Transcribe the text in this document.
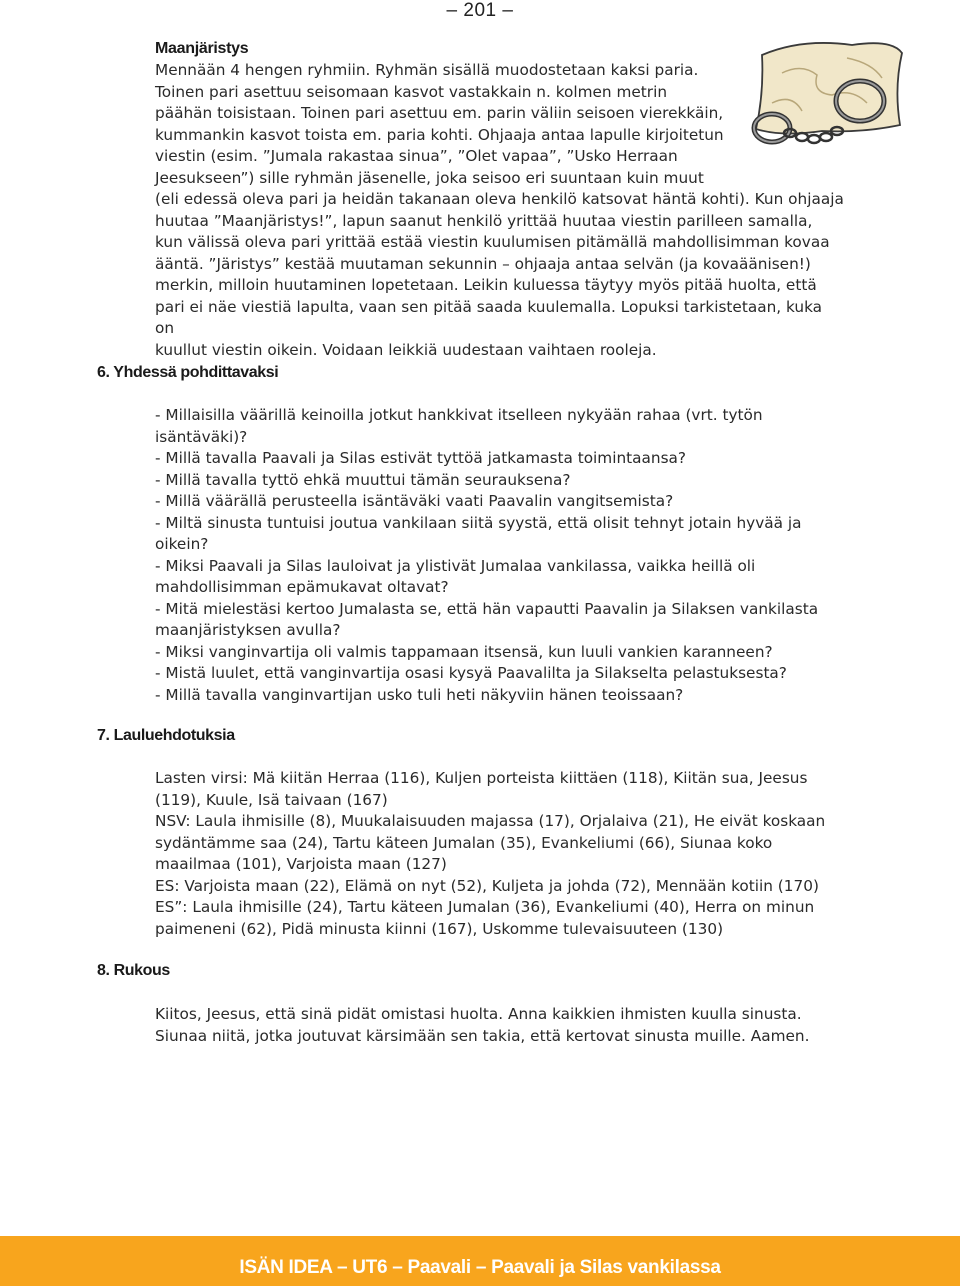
– 201 –

Maanjäristys

Mennään 4 hengen ryhmiin. Ryhmän sisällä muodostetaan kaksi paria.
Toinen pari asettuu seisomaan kasvot vastakkain n. kolmen metrin
päähän toisistaan. Toinen pari asettuu em. parin väliin seisoen vierekkäin,
kummankin kasvot toista em. paria kohti. Ohjaaja antaa lapulle kirjoitetun
viestin (esim. ”Jumala rakastaa sinua”, ”Olet vapaa”, ”Usko Herraan

Jeesukseen”) sille ryhmän jäsenelle, joka seisoo eri suuntaan kuin muut
(eli edessä oleva pari ja heidän takanaan oleva henkilö katsovat häntä kohti). Kun ohjaaja
huutaa ”Maanjäristys!”, lapun saanut henkilö yrittää huutaa viestin parilleen samalla,
kun välissä oleva pari yrittää estää viestin kuulumisen pitämällä mahdollisimman kovaa
ääntä. ”Järistys” kestää muutaman sekunnin – ohjaaja antaa selvän (ja kovaäänisen!)
merkin, milloin huutaminen lopetetaan. Leikin kuluessa täytyy myös pitää huolta, että
pari ei näe viestiä lapulta, vaan sen pitää saada kuulemalla. Lopuksi tarkistetaan, kuka on
kuullut viestin oikein. Voidaan leikkiä uudestaan vaihtaen rooleja.

6. Yhdessä pohdittavaksi

- Millaisilla väärillä keinoilla jotkut hankkivat itselleen nykyään rahaa (vrt. tytön
isäntäväki)?
- Millä tavalla Paavali ja Silas estivät tyttöä jatkamasta toimintaansa?
- Millä tavalla tyttö ehkä muuttui tämän seurauksena?
- Millä väärällä perusteella isäntäväki vaati Paavalin vangitsemista?
- Miltä sinusta tuntuisi joutua vankilaan siitä syystä, että olisit tehnyt jotain hyvää ja
oikein?
- Miksi Paavali ja Silas lauloivat ja ylistivät Jumalaa vankilassa, vaikka heillä oli
mahdollisimman epämukavat oltavat?
- Mitä mielestäsi kertoo Jumalasta se, että hän vapautti Paavalin ja Silaksen vankilasta
maanjäristyksen avulla?
- Miksi vanginvartija oli valmis tappamaan itsensä, kun luuli vankien karanneen?
- Mistä luulet, että vanginvartija osasi kysyä Paavalilta ja Silakselta pelastuksesta?
- Millä tavalla vanginvartijan usko tuli heti näkyviin hänen teoissaan?

7. Lauluehdotuksia

Lasten virsi: Mä kiitän Herraa (116), Kuljen porteista kiittäen (118), Kiitän sua, Jeesus
(119), Kuule, Isä taivaan (167)
NSV: Laula ihmisille (8), Muukalaisuuden majassa (17), Orjalaiva (21), He eivät koskaan
sydäntämme saa (24), Tartu käteen Jumalan (35), Evankeliumi (66), Siunaa koko
maailmaa (101), Varjoista maan (127)
ES: Varjoista maan (22), Elämä on nyt (52), Kuljeta ja johda (72), Mennään kotiin (170)
ES”: Laula ihmisille (24), Tartu käteen Jumalan (36), Evankeliumi (40), Herra on minun
paimeneni (62), Pidä minusta kiinni (167), Uskomme tulevaisuuteen (130)

8. Rukous

Kiitos, Jeesus, että sinä pidät omistasi huolta. Anna kaikkien ihmisten kuulla sinusta.
Siunaa niitä, jotka joutuvat kärsimään sen takia, että kertovat sinusta muille. Aamen.

ISÄN IDEA – UT6 – Paavali – Paavali ja Silas vankilassa
